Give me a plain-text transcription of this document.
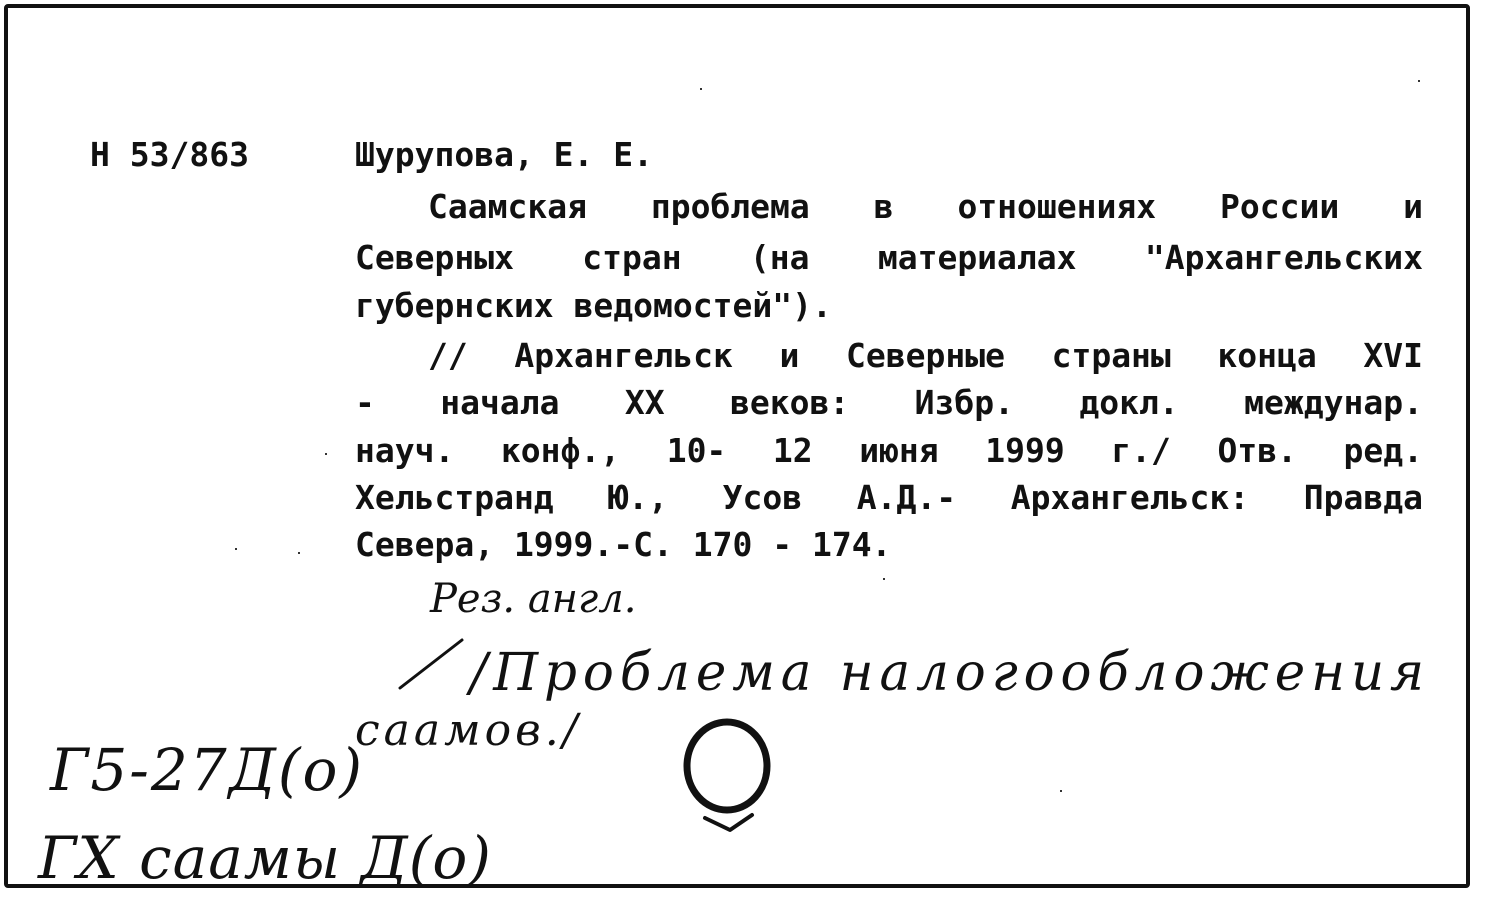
Н 53/863	Шурупова, Е. Е.
Саамская проблема в отношениях России и
Северных стран (на материалах "Архангельских
губернских ведомостей").
// Архангельск и Северные страны конца XVI
- начала XX веков: Избр. докл. междунар.
науч. конф., 10- 12 июня 1999 г./ Отв. ред.
Хельстранд Ю., Усов А.Д.- Архангельск: Правда
Севера, 1999.-С. 170 - 174.
Рез. англ.
/Проблема налогообложения
саамов./
Г5-27Д(о)
ГХ саамы Д(о)
